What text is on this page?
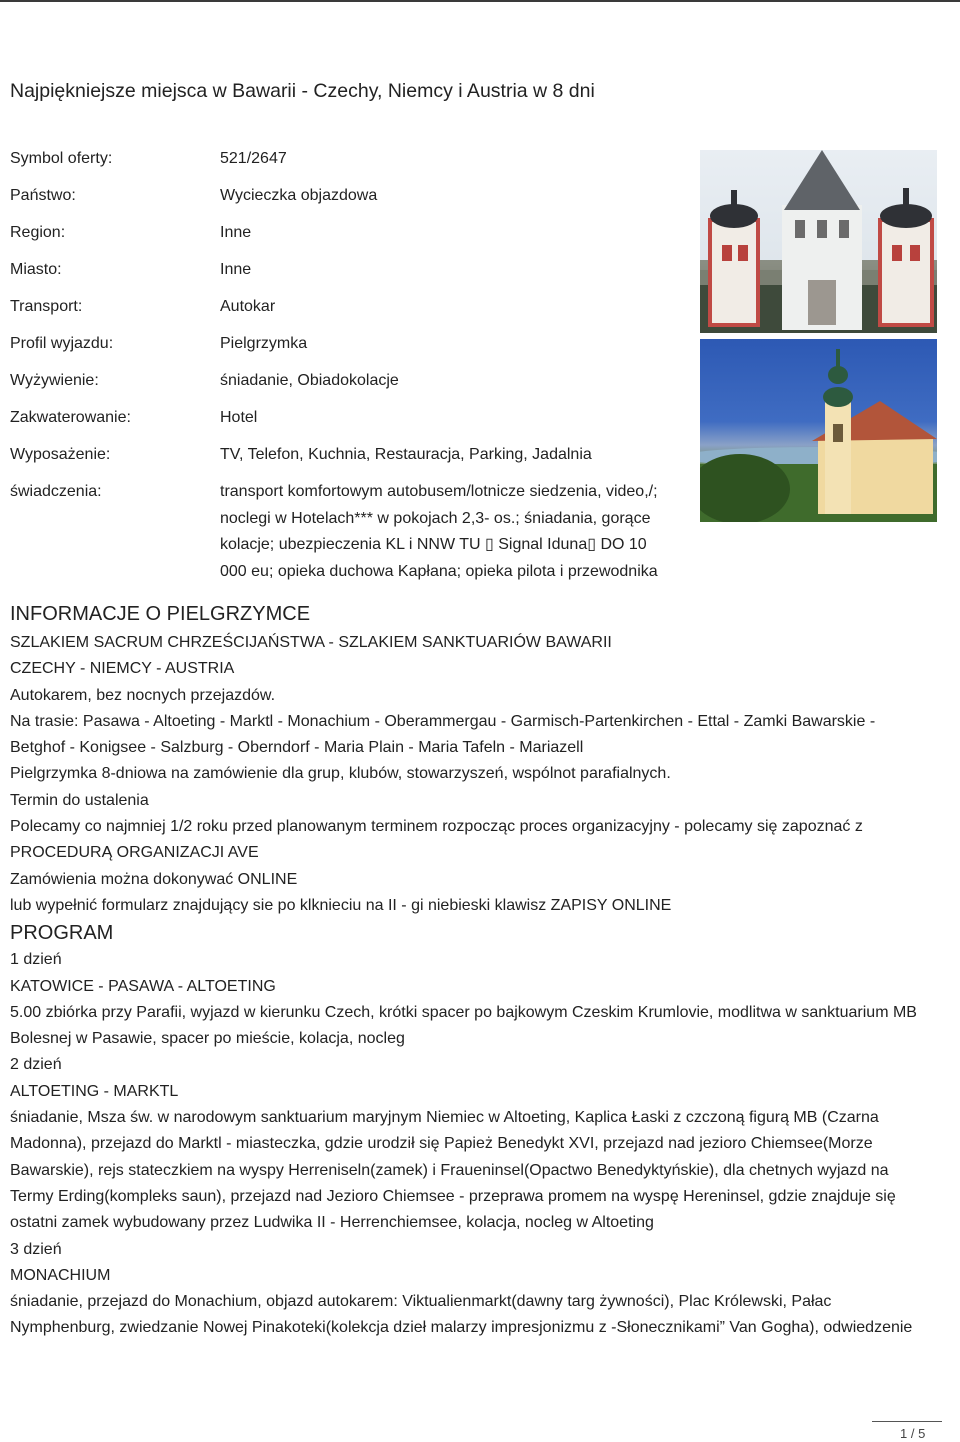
Najpiękniejsze miejsca w Bawarii - Czechy, Niemcy i Austria w 8 dni
Symbol oferty:	521/2647
Państwo:	Wycieczka objazdowa
Region:	Inne
Miasto:	Inne
Transport:	Autokar
Profil wyjazdu:	Pielgrzymka
Wyżywienie:	śniadanie, Obiadokolacje
Zakwaterowanie:	Hotel
Wyposażenie:	TV, Telefon, Kuchnia, Restauracja, Parking, Jadalnia
świadczenia:	transport komfortowym autobusem/lotnicze siedzenia, video,/;
noclegi w Hotelach*** w pokojach 2,3- os.; śniadania, gorące
kolacje; ubezpieczenia KL i NNW TU ▯ Signal Iduna▯ DO 10
000 eu; opieka duchowa Kapłana; opieka pilota i przewodnika
INFORMACJE O PIELGRZYMCE
SZLAKIEM SACRUM CHRZEŚCIJAŃSTWA - SZLAKIEM SANKTUARIÓW BAWARII
CZECHY - NIEMCY - AUSTRIA
Autokarem, bez nocnych przejazdów.
Na trasie: Pasawa - Altoeting - Marktl - Monachium - Oberammergau - Garmisch-Partenkirchen - Ettal - Zamki Bawarskie -
Betghof - Konigsee - Salzburg - Oberndorf - Maria Plain - Maria Tafeln - Mariazell
Pielgrzymka 8-dniowa na zamówienie dla grup, klubów, stowarzyszeń, wspólnot parafialnych.
Termin do ustalenia
Polecamy co najmniej 1/2 roku przed planowanym terminem rozpocząc proces organizacyjny - polecamy się zapoznać z
PROCEDURĄ ORGANIZACJI AVE
Zamówienia można dokonywać ONLINE
lub wypełnić formularz znajdujący sie po klknieciu na II - gi niebieski klawisz ZAPISY ONLINE
PROGRAM
1 dzień
KATOWICE - PASAWA - ALTOETING
5.00 zbiórka przy Parafii, wyjazd w kierunku Czech, krótki spacer po bajkowym Czeskim Krumlovie, modlitwa w sanktuarium MB
Bolesnej w Pasawie, spacer po mieście, kolacja, nocleg
2 dzień
ALTOETING - MARKTL
śniadanie, Msza św. w narodowym sanktuarium maryjnym Niemiec w Altoeting, Kaplica Łaski z czczoną figurą MB (Czarna
Madonna), przejazd do Marktl - miasteczka, gdzie urodził się Papież Benedykt XVI, przejazd nad jezioro Chiemsee(Morze
Bawarskie), rejs stateczkiem na wyspy Herreniseln(zamek) i Fraueninsel(Opactwo Benedyktyńskie), dla chetnych wyjazd na
Termy Erding(kompleks saun), przejazd nad Jezioro Chiemsee - przeprawa promem na wyspę Hereninsel, gdzie znajduje się
ostatni zamek wybudowany przez Ludwika II - Herrenchiemsee, kolacja, nocleg w Altoeting
3 dzień
MONACHIUM
śniadanie, przejazd do Monachium, objazd autokarem: Viktualienmarkt(dawny targ żywności), Plac Królewski, Pałac
Nymphenburg, zwiedzanie Nowej Pinakoteki(kolekcja dzieł malarzy impresjonizmu z -Słonecznikami” Van Gogha), odwiedzenie
1 / 5
